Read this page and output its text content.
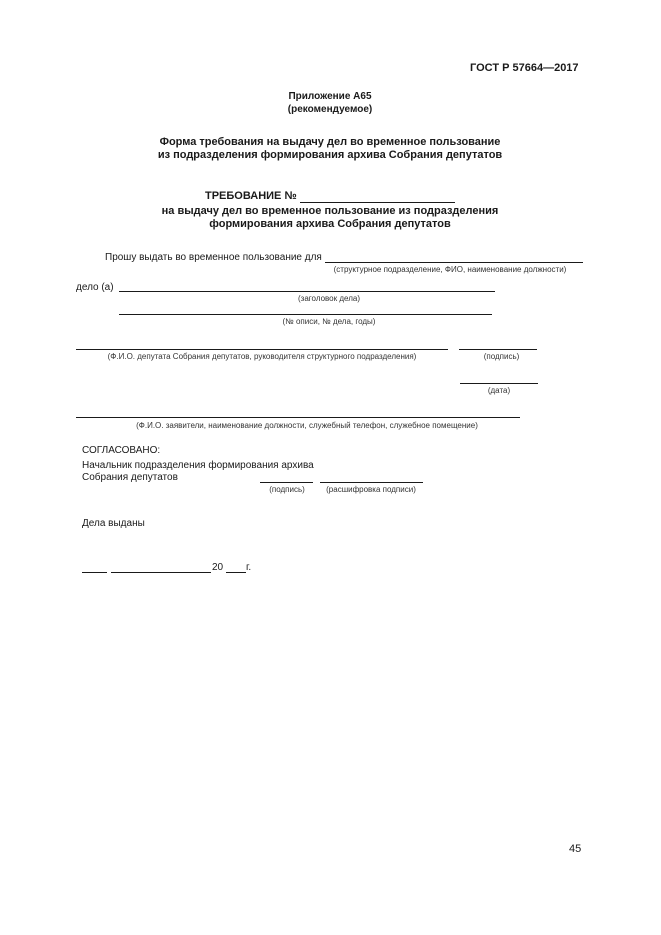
ГОСТ Р 57664—2017
Приложение А65
(рекомендуемое)
Форма требования на выдачу дел во временное пользование
из подразделения формирования архива Собрания депутатов
ТРЕБОВАНИЕ №
на выдачу дел во временное пользование из подразделения
формирования архива Собрания депутатов
Прошу выдать во временное пользование для
(структурное подразделение, ФИО, наименование должности)
дело (а)
(заголовок дела)
(№ описи, № дела, годы)
(Ф.И.О. депутата Собрания депутатов, руководителя структурного подразделения)	(подпись)
(дата)
(Ф.И.О. заявители, наименование должности, служебный телефон, служебное помещение)
СОГЛАСОВАНО:
Начальник подразделения формирования архива
Собрания депутатов
(подпись)	(расшифровка подписи)
Дела выданы
20 г.
45
